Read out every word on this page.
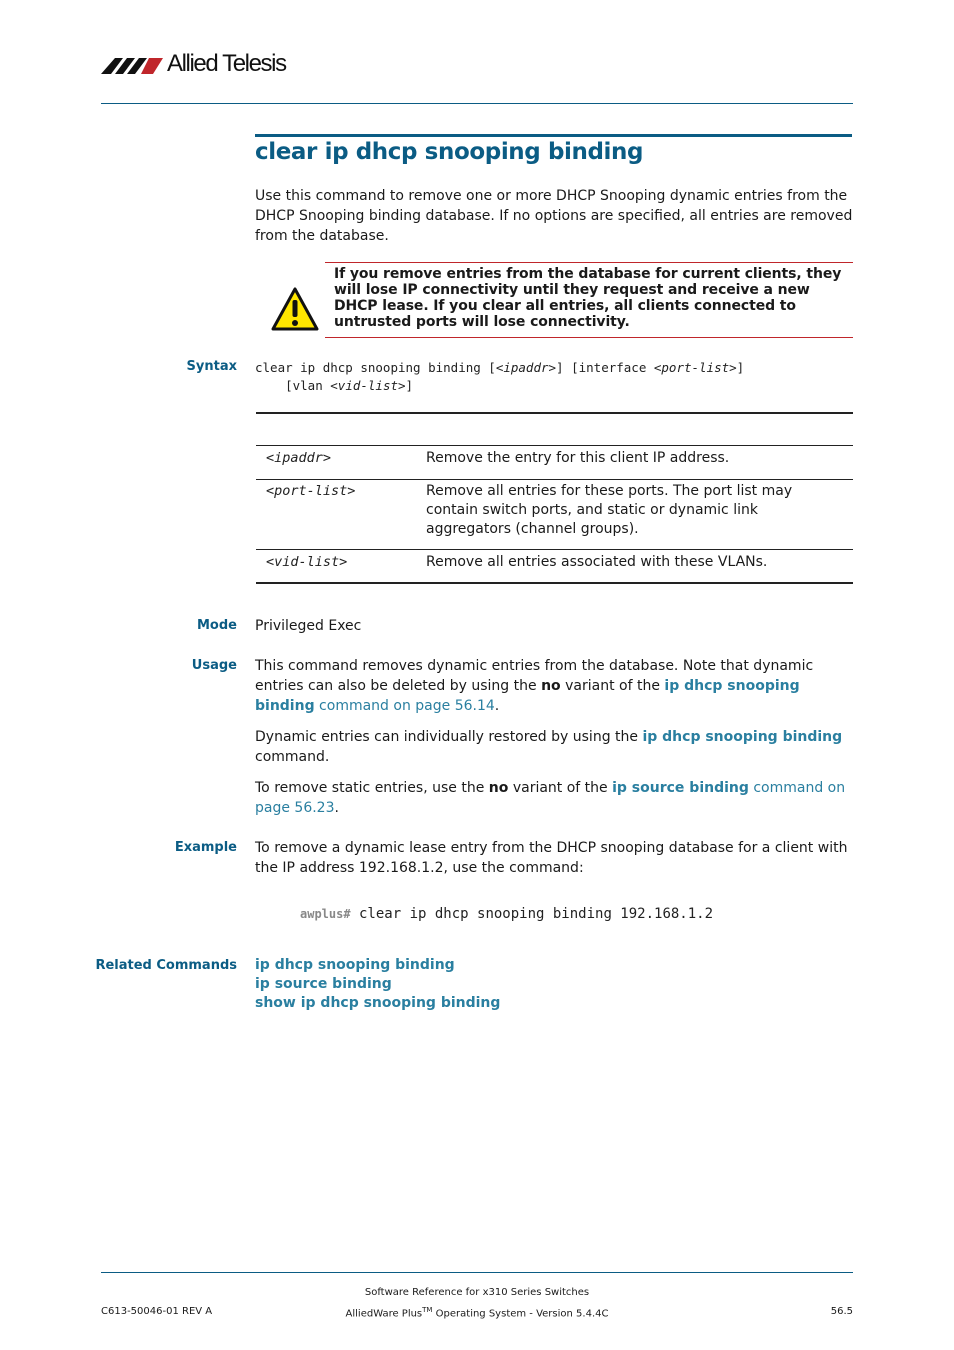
Allied Telesis
clear ip dhcp snooping binding
Use this command to remove one or more DHCP Snooping dynamic entries from the DHCP Snooping binding database. If no options are specified, all entries are removed from the database.
If you remove entries from the database for current clients, they will lose IP connectivity until they request and receive a new DHCP lease. If you clear all entries, all clients connected to untrusted ports will lose connectivity.
Syntax clear ip dhcp snooping binding [<ipaddr>] [interface <port-list>]
[vlan <vid-list>]
<ipaddr>	Remove the entry for this client IP address.
<port-list>	Remove all entries for these ports. The port list may contain switch ports, and static or dynamic link aggregators (channel groups).
<vid-list>	Remove all entries associated with these VLANs.
Mode Privileged Exec
Usage This command removes dynamic entries from the database. Note that dynamic entries can also be deleted by using the no variant of the ip dhcp snooping binding command on page 56.14.
Dynamic entries can individually restored by using the ip dhcp snooping binding command.
To remove static entries, use the no variant of the ip source binding command on page 56.23.
Example To remove a dynamic lease entry from the DHCP snooping database for a client with the IP address 192.168.1.2, use the command:
awplus# clear ip dhcp snooping binding 192.168.1.2
Related Commands ip dhcp snooping binding
ip source binding
show ip dhcp snooping binding
C613-50046-01 REV A
Software Reference for x310 Series Switches
AlliedWare Plus™ Operating System - Version 5.4.4C	56.5
